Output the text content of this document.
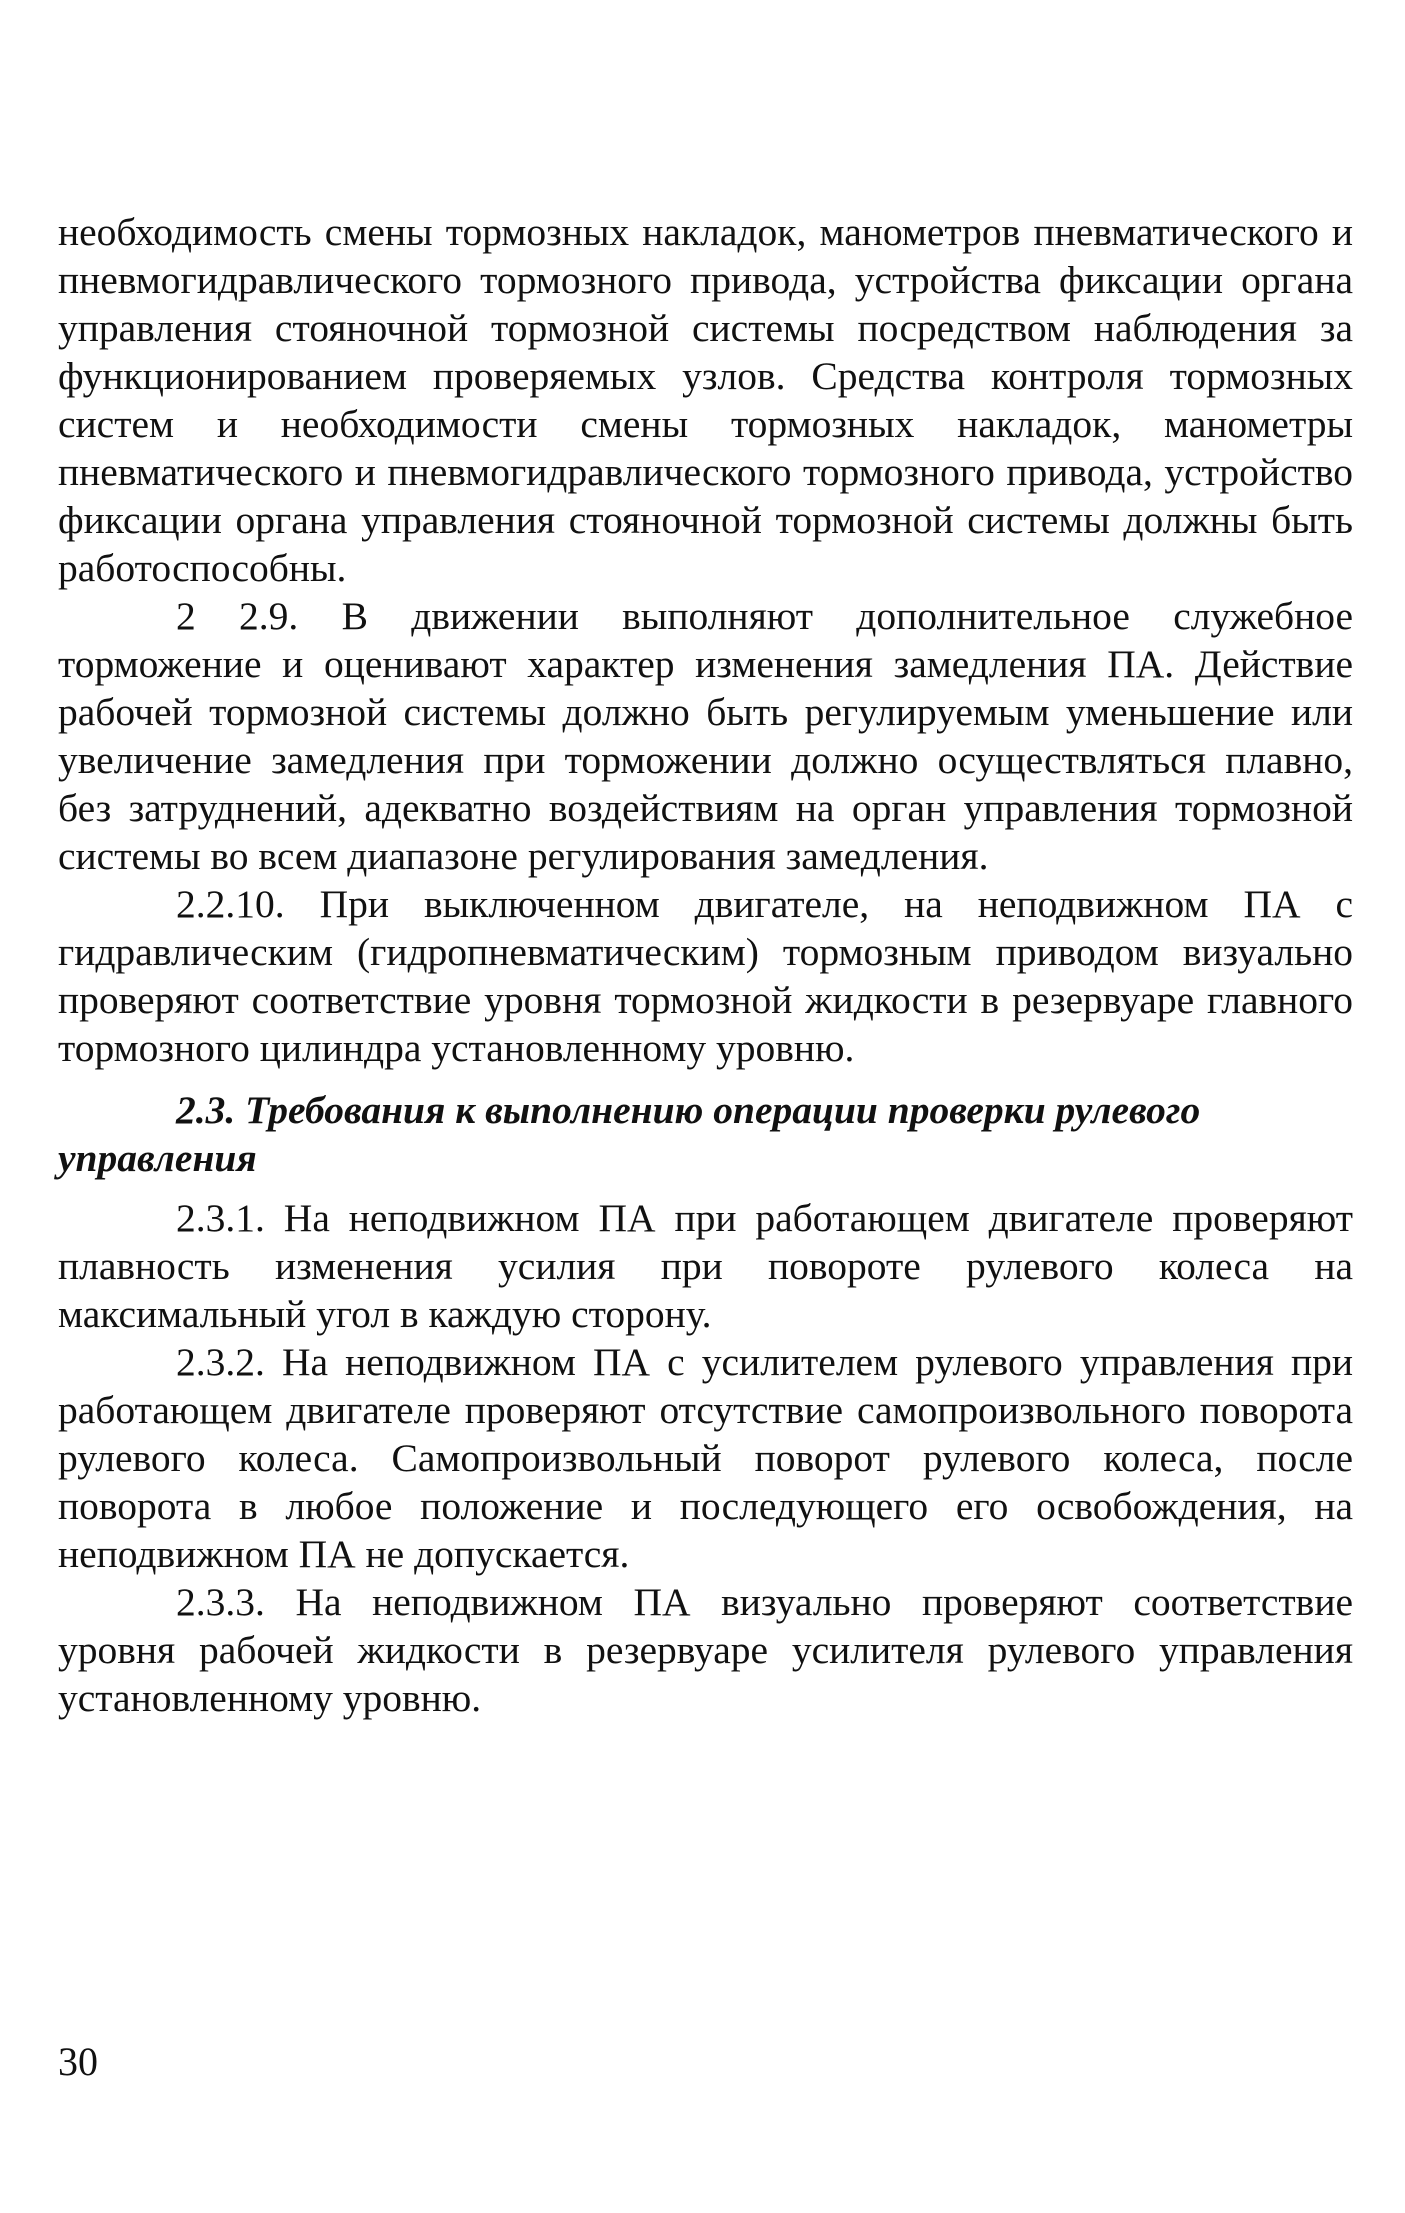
необходимость смены тормозных накладок, манометров пневматического и пневмогидравлического тормозного привода, устройства фиксации органа управления стояночной тормозной системы посредством наблюдения за функционированием проверяемых узлов. Средства контроля тормозных систем и необходимости смены тормозных накладок, манометры пневматического и пневмогидравлического тормозного привода, устройство фиксации органа управления стояночной тормозной системы должны быть работоспособны.

2 2.9. В движении выполняют дополнительное служебное торможение и оценивают характер изменения замедления ПА. Действие рабочей тормозной системы должно быть регулируемым уменьшение или увеличение замедления при торможении должно осуществляться плавно, без затруднений, адекватно воздействиям на орган управления тормозной системы во всем диапазоне регулирования замедления.

2.2.10. При выключенном двигателе, на неподвижном ПА с гидравлическим (гидропневматическим) тормозным приводом визуально проверяют соответствие уровня тормозной жидкости в резервуаре главного тормозного цилиндра установленному уровню.

2.3. Требования к выполнению операции проверки рулевого управления

2.3.1. На неподвижном ПА при работающем двигателе проверяют плавность изменения усилия при повороте рулевого колеса на максимальный угол в каждую сторону.

2.3.2. На неподвижном ПА с усилителем рулевого управления при работающем двигателе проверяют отсутствие самопроизвольного поворота рулевого колеса. Самопроизвольный поворот рулевого колеса, после поворота в любое положение и последующего его освобождения, на неподвижном ПА не допускается.

2.3.3. На неподвижном ПА визуально проверяют соответствие уровня рабочей жидкости в резервуаре усилителя рулевого управления установленному уровню.

30
